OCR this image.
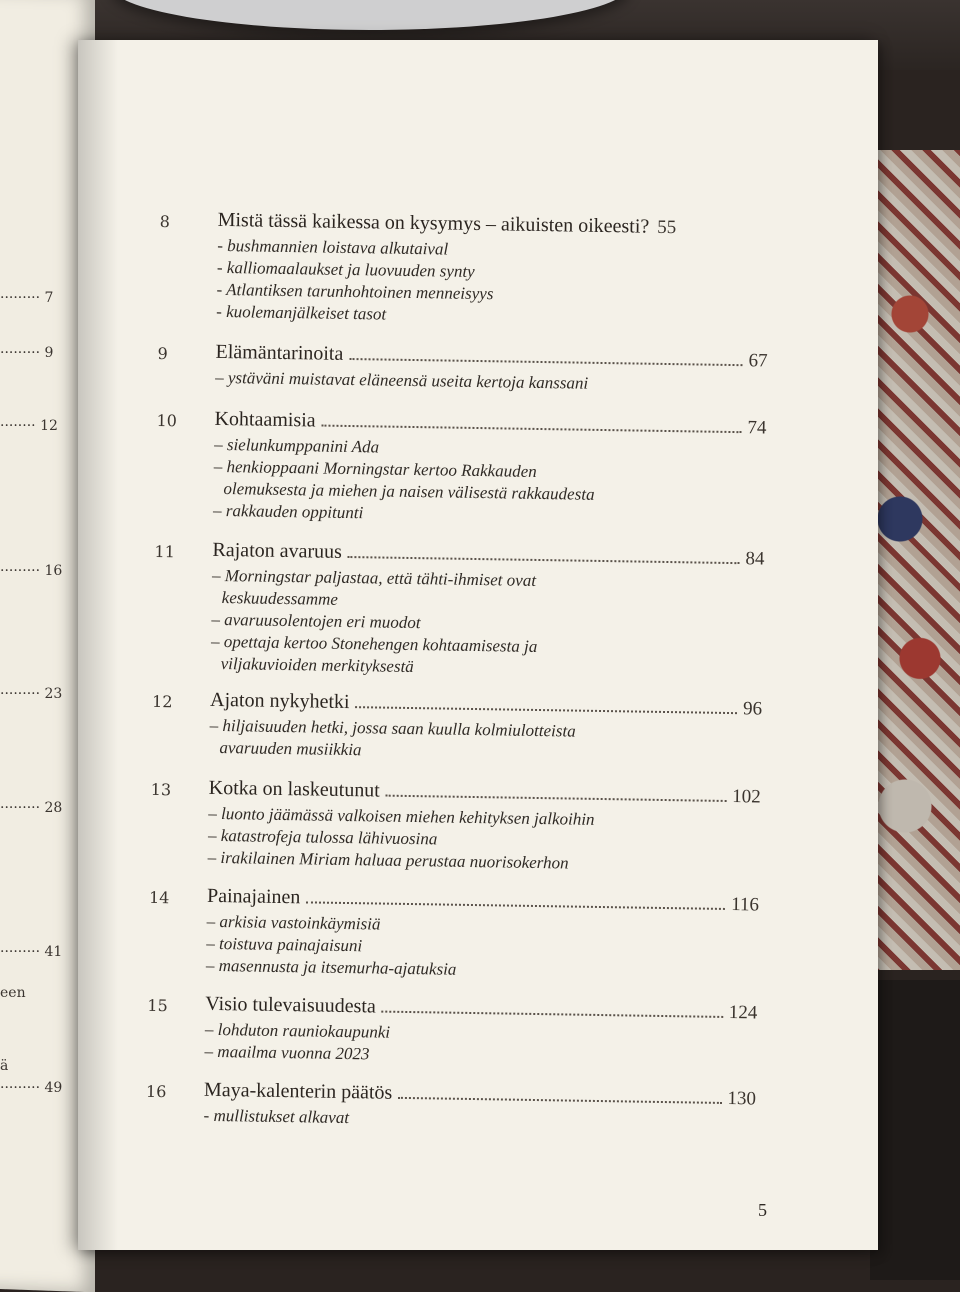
········· 7
········· 9
········ 12
········· 16
········· 23
········· 28
········· 41
een
ä
········· 49
8	Mistä tässä kaikessa on kysymys – aikuisten oikeesti? 55
- bushmannien loistava alkutaival
- kalliomaalaukset ja luovuuden synty
- Atlantiksen tarunhohtoinen menneisyys
- kuolemanjälkeiset tasot
9	Elämäntarinoita	67
– ystäväni muistavat eläneensä useita kertoja kanssani
10	Kohtaamisia	74
– sielunkumppanini Ada
– henkioppaani Morningstar kertoo Rakkauden
olemuksesta ja miehen ja naisen välisestä rakkaudesta
– rakkauden oppitunti
11	Rajaton avaruus	84
– Morningstar paljastaa, että tähti-ihmiset ovat
keskuudessamme
– avaruusolentojen eri muodot
– opettaja kertoo Stonehengen kohtaamisesta ja
viljakuvioiden merkityksestä
12	Ajaton nykyhetki	96
– hiljaisuuden hetki, jossa saan kuulla kolmiulotteista
avaruuden musiikkia
13	Kotka on laskeutunut	102
– luonto jäämässä valkoisen miehen kehityksen jalkoihin
– katastrofeja tulossa lähivuosina
– irakilainen Miriam haluaa perustaa nuorisokerhon
14	Painajainen	116
– arkisia vastoinkäymisiä
– toistuva painajaisuni
– masennusta ja itsemurha-ajatuksia
15	Visio tulevaisuudesta	124
– lohduton rauniokaupunki
– maailma vuonna 2023
16	Maya-kalenterin päätös	130
- mullistukset alkavat
5
